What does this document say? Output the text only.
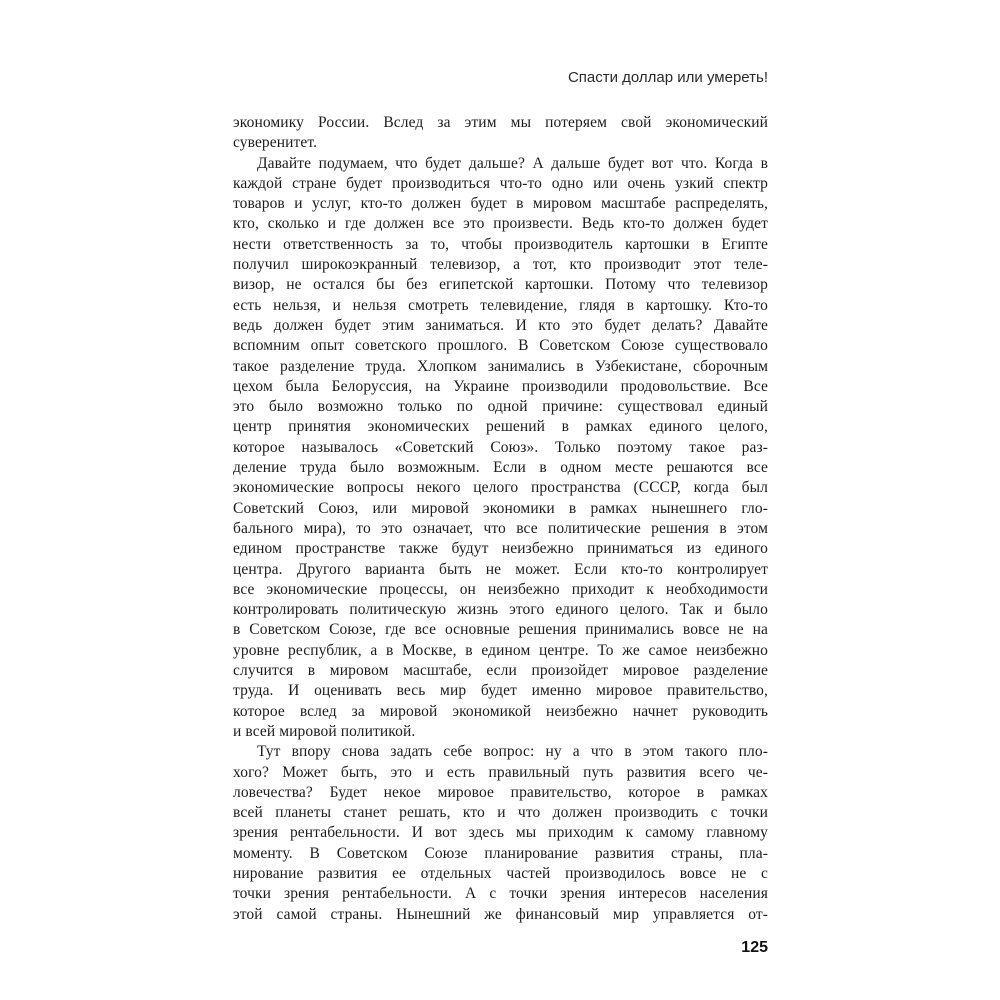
Спасти доллар или умереть!
экономику России. Вслед за этим мы потеряем свой экономический
суверенитет.
Давайте подумаем, что будет дальше? А дальше будет вот что. Когда в
каждой стране будет производиться что-то одно или очень узкий спектр
товаров и услуг, кто-то должен будет в мировом масштабе распределять,
кто, сколько и где должен все это произвести. Ведь кто-то должен будет
нести ответственность за то, чтобы производитель картошки в Египте
получил широкоэкранный телевизор, а тот, кто производит этот теле-
визор, не остался бы без египетской картошки. Потому что телевизор
есть нельзя, и нельзя смотреть телевидение, глядя в картошку. Кто-то
ведь должен будет этим заниматься. И кто это будет делать? Давайте
вспомним опыт советского прошлого. В Советском Союзе существовало
такое разделение труда. Хлопком занимались в Узбекистане, сборочным
цехом была Белоруссия, на Украине производили продовольствие. Все
это было возможно только по одной причине: существовал единый
центр принятия экономических решений в рамках единого целого,
которое называлось «Советский Союз». Только поэтому такое раз-
деление труда было возможным. Если в одном месте решаются все
экономические вопросы некого целого пространства (СССР, когда был
Советский Союз, или мировой экономики в рамках нынешнего гло-
бального мира), то это означает, что все политические решения в этом
едином пространстве также будут неизбежно приниматься из единого
центра. Другого варианта быть не может. Если кто-то контролирует
все экономические процессы, он неизбежно приходит к необходимости
контролировать политическую жизнь этого единого целого. Так и было
в Советском Союзе, где все основные решения принимались вовсе не на
уровне республик, а в Москве, в едином центре. То же самое неизбежно
случится в мировом масштабе, если произойдет мировое разделение
труда. И оценивать весь мир будет именно мировое правительство,
которое вслед за мировой экономикой неизбежно начнет руководить
и всей мировой политикой.
Тут впору снова задать себе вопрос: ну а что в этом такого пло-
хого? Может быть, это и есть правильный путь развития всего че-
ловечества? Будет некое мировое правительство, которое в рамках
всей планеты станет решать, кто и что должен производить с точки
зрения рентабельности. И вот здесь мы приходим к самому главному
моменту. В Советском Союзе планирование развития страны, пла-
нирование развития ее отдельных частей производилось вовсе не с
точки зрения рентабельности. А с точки зрения интересов населения
этой самой страны. Нынешний же финансовый мир управляется от-
125
